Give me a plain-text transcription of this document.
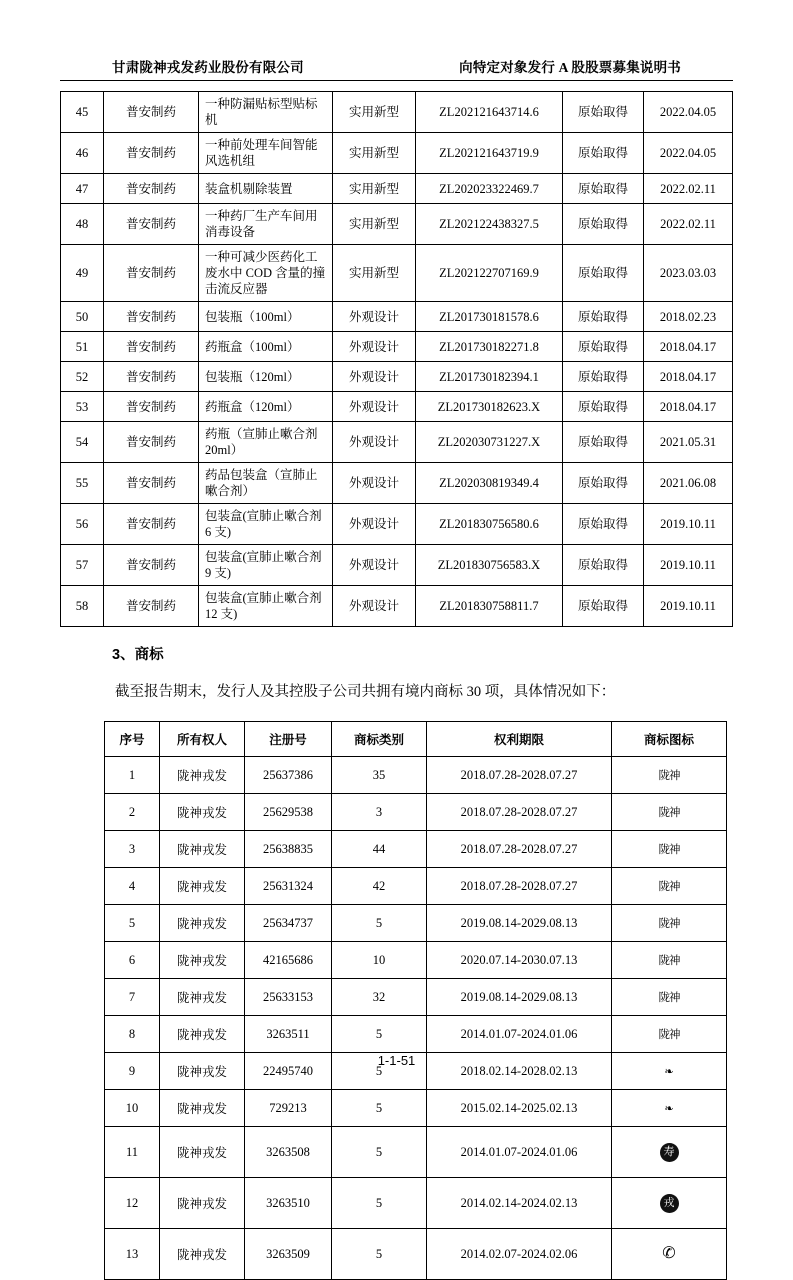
甘肃陇神戎发药业股份有限公司	向特定对象发行 A 股股票募集说明书
45	普安制药	一种防漏贴标型贴标机	实用新型	ZL202121643714.6	原始取得	2022.04.05
46	普安制药	一种前处理车间智能风选机组	实用新型	ZL202121643719.9	原始取得	2022.04.05
47	普安制药	装盒机剔除装置	实用新型	ZL202023322469.7	原始取得	2022.02.11
48	普安制药	一种药厂生产车间用消毒设备	实用新型	ZL202122438327.5	原始取得	2022.02.11
49	普安制药	一种可减少医药化工废水中 COD 含量的撞击流反应器	实用新型	ZL202122707169.9	原始取得	2023.03.03
50	普安制药	包装瓶（100ml）	外观设计	ZL201730181578.6	原始取得	2018.02.23
51	普安制药	药瓶盒（100ml）	外观设计	ZL201730182271.8	原始取得	2018.04.17
52	普安制药	包装瓶（120ml）	外观设计	ZL201730182394.1	原始取得	2018.04.17
53	普安制药	药瓶盒（120ml）	外观设计	ZL201730182623.X	原始取得	2018.04.17
54	普安制药	药瓶（宣肺止嗽合剂 20ml）	外观设计	ZL202030731227.X	原始取得	2021.05.31
55	普安制药	药品包装盒（宣肺止嗽合剂）	外观设计	ZL202030819349.4	原始取得	2021.06.08
56	普安制药	包装盒(宣肺止嗽合剂 6 支)	外观设计	ZL201830756580.6	原始取得	2019.10.11
57	普安制药	包装盒(宣肺止嗽合剂 9 支)	外观设计	ZL201830756583.X	原始取得	2019.10.11
58	普安制药	包装盒(宣肺止嗽合剂 12 支)	外观设计	ZL201830758811.7	原始取得	2019.10.11
3、商标
截至报告期末，发行人及其控股子公司共拥有境内商标 30 项，具体情况如下：
序号	所有权人	注册号	商标类别	权利期限	商标图标
1	陇神戎发	25637386	35	2018.07.28-2028.07.27	陇神
2	陇神戎发	25629538	3	2018.07.28-2028.07.27	陇神
3	陇神戎发	25638835	44	2018.07.28-2028.07.27	陇神
4	陇神戎发	25631324	42	2018.07.28-2028.07.27	陇神
5	陇神戎发	25634737	5	2019.08.14-2029.08.13	陇神
6	陇神戎发	42165686	10	2020.07.14-2030.07.13	陇神
7	陇神戎发	25633153	32	2019.08.14-2029.08.13	陇神
8	陇神戎发	3263511	5	2014.01.07-2024.01.06	陇神
9	陇神戎发	22495740	5	2018.02.14-2028.02.13	❧
10	陇神戎发	729213	5	2015.02.14-2025.02.13	❧
11	陇神戎发	3263508	5	2014.01.07-2024.01.06	寿
12	陇神戎发	3263510	5	2014.02.14-2024.02.13	戎
13	陇神戎发	3263509	5	2014.02.07-2024.02.06	✆
1-1-51
